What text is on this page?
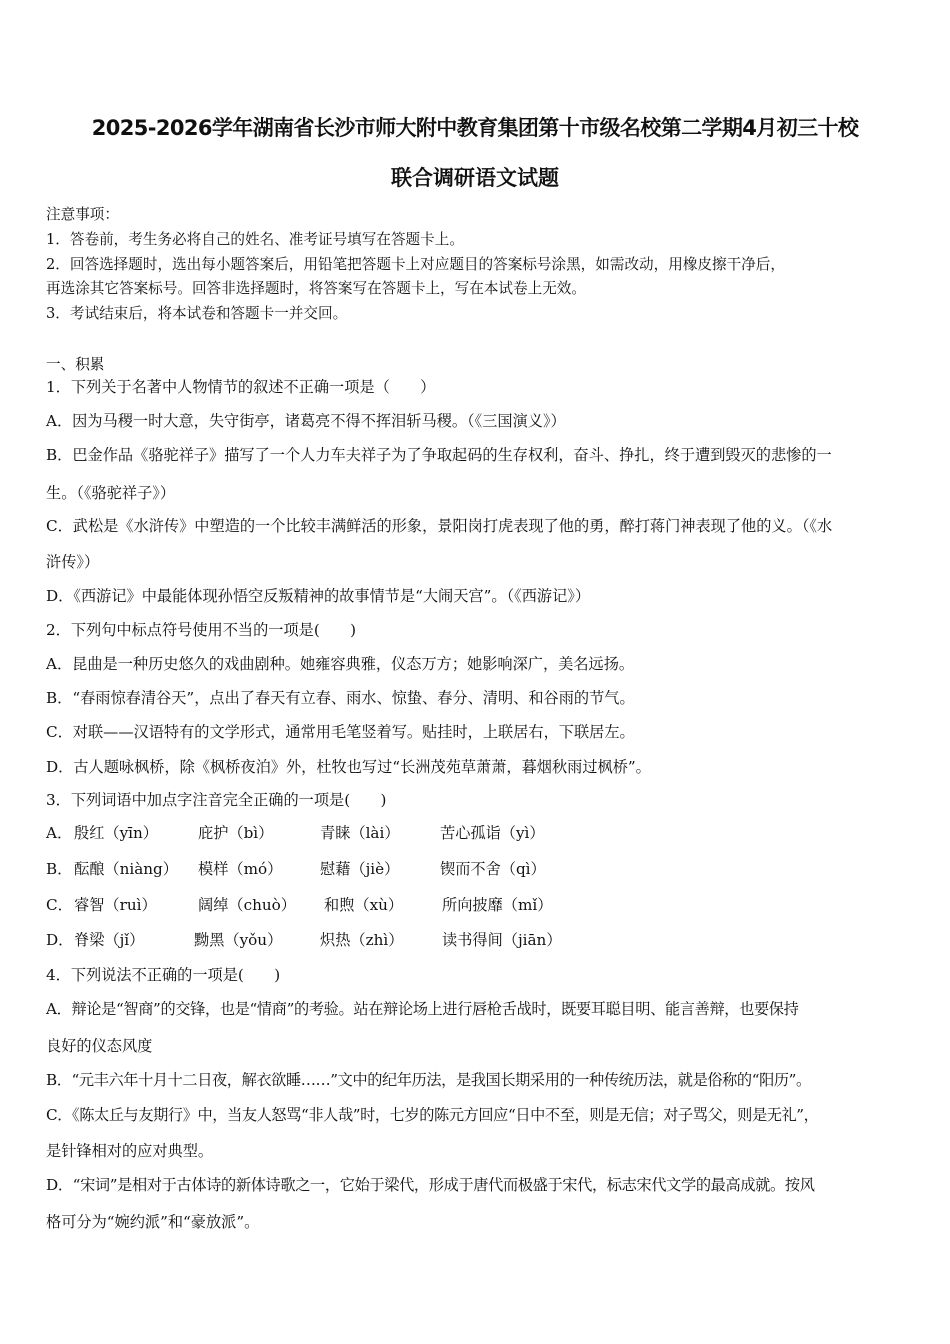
2025-2026学年湖南省长沙市师大附中教育集团第十市级名校第二学期4月初三十校
联合调研语文试题
注意事项：
1．答卷前，考生务必将自己的姓名、准考证号填写在答题卡上。
2．回答选择题时，选出每小题答案后，用铅笔把答题卡上对应题目的答案标号涂黑，如需改动，用橡皮擦干净后，
再选涂其它答案标号。回答非选择题时，将答案写在答题卡上，写在本试卷上无效。
3．考试结束后，将本试卷和答题卡一并交回。
一、积累
1．下列关于名著中人物情节的叙述不正确一项是（　　）
A．因为马稷一时大意，失守街亭，诸葛亮不得不挥泪斩马稷。（《三国演义》）
B．巴金作品《骆驼祥子》描写了一个人力车夫祥子为了争取起码的生存权利，奋斗、挣扎，终于遭到毁灭的悲惨的一
生。（《骆驼祥子》）
C．武松是《水浒传》中塑造的一个比较丰满鲜活的形象，景阳岗打虎表现了他的勇，醉打蒋门神表现了他的义。（《水
浒传》）
D．《西游记》中最能体现孙悟空反叛精神的故事情节是“大闹天宫”。（《西游记》）
2．下列句中标点符号使用不当的一项是(　　)
A．昆曲是一种历史悠久的戏曲剧种。她雍容典雅，仪态万方；她影响深广，美名远扬。
B．“春雨惊春清谷天”，点出了春天有立春、雨水、惊蛰、春分、清明、和谷雨的节气。
C．对联——汉语特有的文学形式，通常用毛笔竖着写。贴挂时，上联居右，下联居左。
D．古人题咏枫桥，除《枫桥夜泊》外，杜牧也写过“长洲茂苑草萧萧，暮烟秋雨过枫桥”。
3．下列词语中加点字注音完全正确的一项是(　　)
A． 殷红（yīn）	庇护（bì）	青睐（lài）	苦心孤诣（yì）
B． 酝酿（niàng） 模样（mó） 慰藉（jiè）	锲而不舍（qì）
C． 睿智（ruì）	阔绰（chuò） 和煦（xù）	所向披靡（mǐ）
D． 脊梁（jǐ）	黝黑（yǒu） 炽热（zhì）	读书得间（jiān）
4．下列说法不正确的一项是(　　)
A．辩论是“智商”的交锋，也是“情商”的考验。站在辩论场上进行唇枪舌战时，既要耳聪目明、能言善辩，也要保持
良好的仪态风度
B．“元丰六年十月十二日夜，解衣欲睡……”文中的纪年历法，是我国长期采用的一种传统历法，就是俗称的“阳历”。
C．《陈太丘与友期行》中，当友人怒骂“非人哉”时，七岁的陈元方回应“日中不至，则是无信；对子骂父，则是无礼”，
是针锋相对的应对典型。
D．“宋词”是相对于古体诗的新体诗歌之一，它始于梁代，形成于唐代而极盛于宋代，标志宋代文学的最高成就。按风
格可分为“婉约派”和“豪放派”。
